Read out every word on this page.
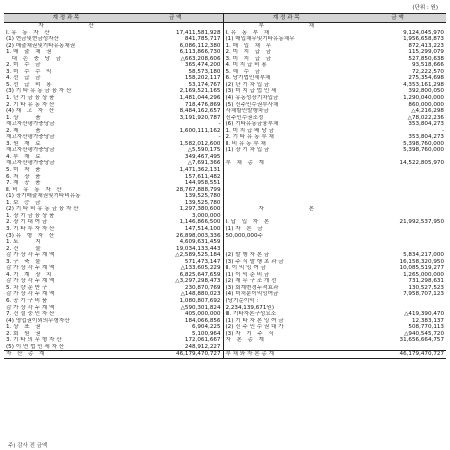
(단위 : 원)
계 정 과 목	금 액	계 정 과 목	금 액
자　　　　　　　　산		부　　　　　　　　채	
Ⅰ. 유　동　자　산	17,411,581,928	Ⅰ. 유　동　부　채	9,124,045,970
(1) 현금및현금성자산	841,785,717	(1) 매입채무및기타유동채무	1,956,658,873
(2) 매출채권및기타유동채권	6,086,112,380	1. 매　입　채　무	872,413,223
1. 매　출　채　권	6,113,866,730	2. 미　지　급　금	115,299,079
　대　손　충　당　금	△663,208,606	3. 미　지　급　금	527,850,638
2. 미　수　금	365,474,200	4. 미 지 급 비 용	93,518,666
3. 미　수　수　익	58,573,180	5. 예　수　금	72,222,570
4. 선　급　금	158,202,117	6. 당기법인세부채	275,354,698
5. 선　급　비　용	53,174,767	(2) 단 기 차 입 금	4,353,161,298
(3) 기 타 유 동 금 융 자 산	2,169,521,165	(3) 미 지 급 법 인 세	392,800,050
1. 단 기 금 융 상 품	1,481,044,296	(4) 유동성장기차입금	1,290,040,000
2. 기 타 유 동 자 산	718,476,869	(5) 신주인수권부사채	860,000,000
(4) 재　고　자　산	8,484,162,657	사채할인발행차금	△4,216,298
1. 상　　　품	3,191,920,787	신주인수권조정	△78,022,236
재고자산평가충당금	-	(6) 기타유동금융부채	353,804,273
2. 제　　　품	1,600,111,162	1. 미 지 급 배 당 금	-
재고자산평가충당금	-	2. 기 타 유 동 부 채	353,804,273
3. 원　재　료	1,582,012,600	Ⅱ. 비 유 동 부 채	5,398,760,000
재고자산평가충당금	△5,590,175	(1) 장 기 차 입 금	5,398,760,000
4. 부　재　료	349,467,495		
재고자산평가충당금	△7,691,366	부　채　총　계	14,522,805,970
5. 미　착　품	1,471,362,131		
6. 저　장　품	157,611,482		
7. 재　공　품	144,958,551		
Ⅱ. 비　유　동　자　산	28,767,888,799		
(1) 장기매출채권및기타비유동	139,525,780		
1. 보　증　금	139,525,780		
(2) 기 타 비 유 동 금 융 자 산	1,297,380,600	자　　　　　　　　본	
1. 장 기 금 융 상 품	3,000,000		
2. 장 기 대 여 금	1,146,866,500	Ⅰ. 납　입　자　본	21,992,537,950
3. 기 타 투 자 자 산	147,514,100	(1) 자　본　금	
(3) 유　형　자　산	26,898,003,336	50,000,000주	
1. 토　　　지	4,609,631,459		
2. 건　　　물	19,034,133,443		
감 가 상 각 누 계 액	△2,589,525,184	(2) 발 행 자 본 금	5,834,217,000
3. 구　축　물	571,473,147	(3) 주 식 발 행 초 과 금	16,158,320,950
감 가 상 각 누 계 액	△133,605,229	Ⅱ. 이 익 잉 여 금	10,085,519,277
4. 기　계　장　치	6,825,647,659	(1) 이 익 준 비 금	1,265,000,000
감 가 상 각 누 계 액	△3,297,298,473	(2) 재 무 구 조 개 선	731,298,631
5. 차 량 운 반 구	230,870,769	(3) 회계변경누적효과	130,527,523
감 가 상 각 누 계 액	△148,880,023	(4) 미처분이익잉여금	7,958,707,123
6. 공 기 구 비 품	1,080,807,692	(당기순이익 :	
감 가 상 각 누 계 액	△590,301,824	2,234,139,671원)	
7. 건 설 중 인 자 산	405,000,000	Ⅲ. 기타자본구성요소	△419,390,470
(4) 영업권이외의무형자산	184,066,856	(1) 기 타 자 본 잉 여 금	12,383,137
1. 상　표　권	6,904,225	(2) 신 주 인 수 권 대 가	508,770,113
2. 회　원　권	5,100,964	(3) 자　기　주　식	△940,545,720
3. 기 타 의 무 형 자 산	172,061,667	자　본　총　계	31,656,664,757
(5) 이 연 법 인 세 자 산	248,912,227		
자　산　총　계	46,179,470,727	부 채 와 자 본 총 계	46,179,470,727
주) 감사 전 금액
